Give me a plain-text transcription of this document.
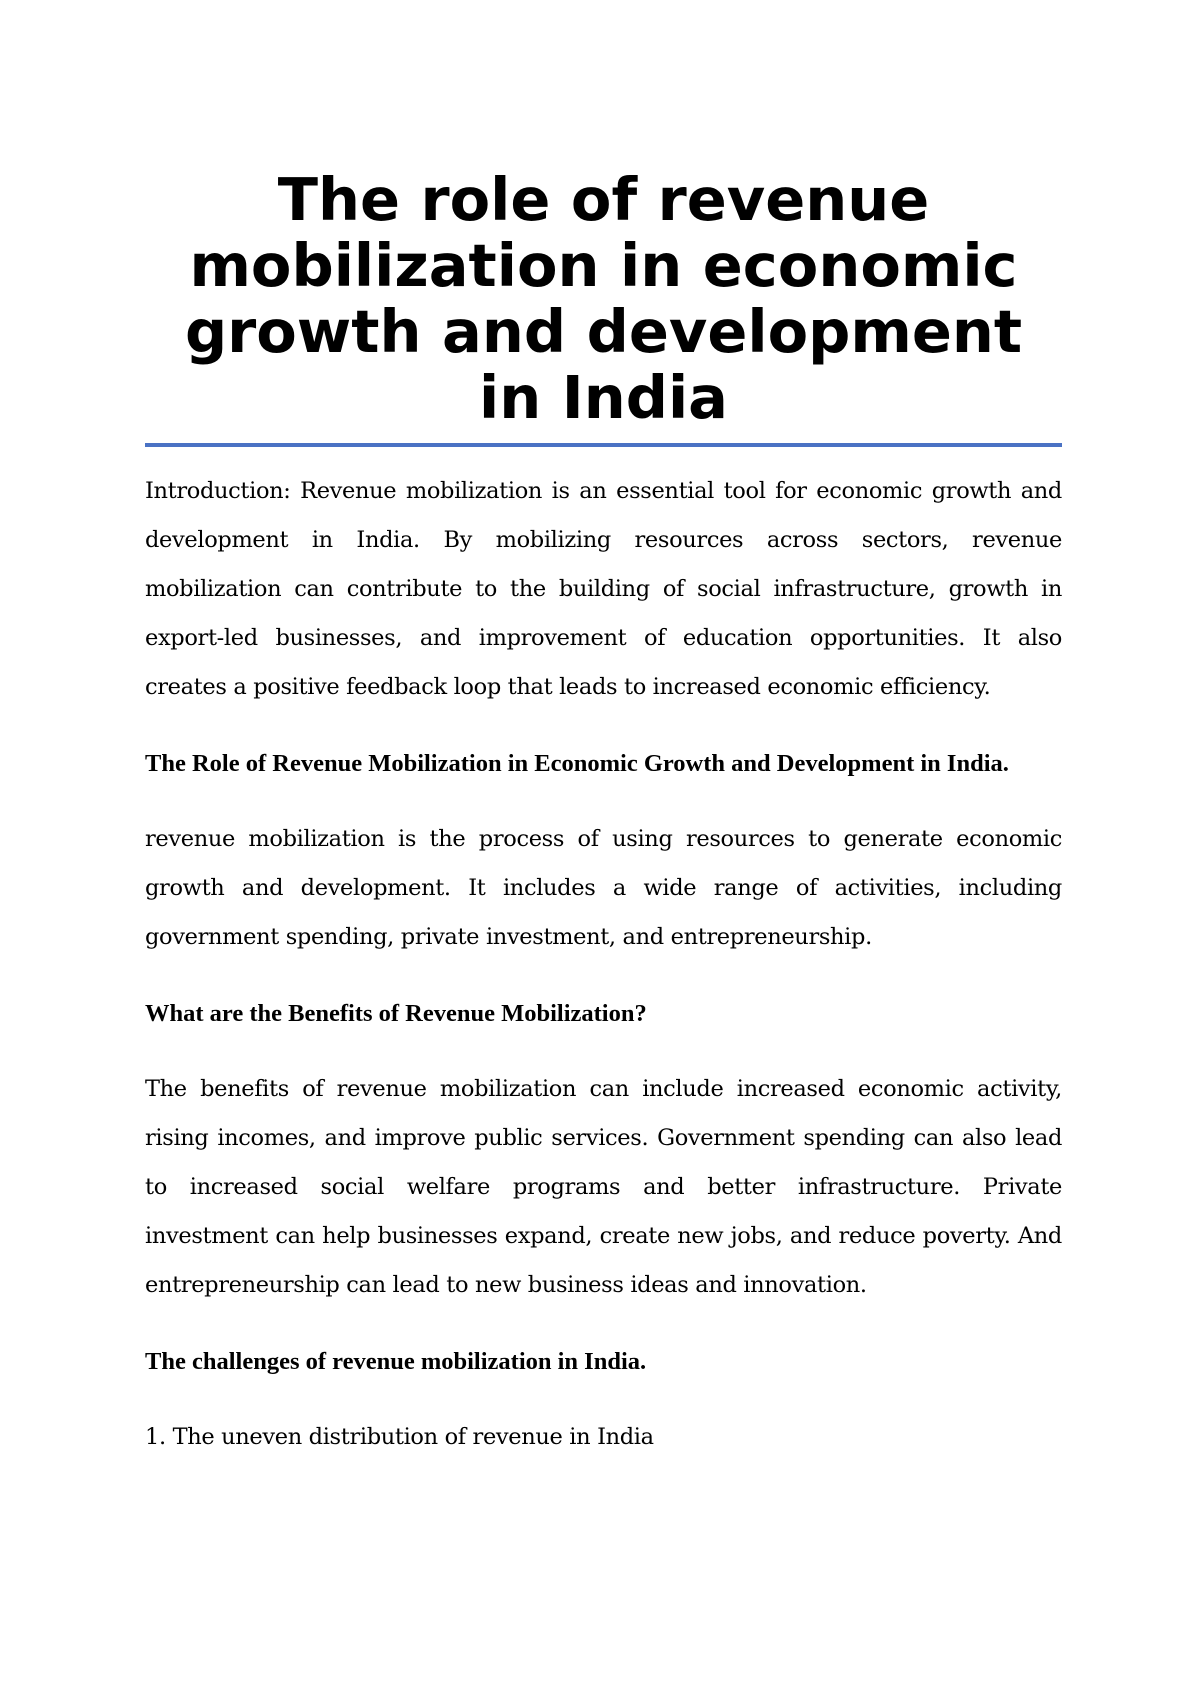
The role of revenue mobilization in economic growth and development in India

Introduction: Revenue mobilization is an essential tool for economic growth and development in India. By mobilizing resources across sectors, revenue mobilization can contribute to the building of social infrastructure, growth in export-led businesses, and improvement of education opportunities. It also creates a positive feedback loop that leads to increased economic efficiency.

The Role of Revenue Mobilization in Economic Growth and Development in India.

revenue mobilization is the process of using resources to generate economic growth and development. It includes a wide range of activities, including government spending, private investment, and entrepreneurship.

What are the Benefits of Revenue Mobilization?

The benefits of revenue mobilization can include increased economic activity, rising incomes, and improve public services. Government spending can also lead to increased social welfare programs and better infrastructure. Private investment can help businesses expand, create new jobs, and reduce poverty. And entrepreneurship can lead to new business ideas and innovation.

The challenges of revenue mobilization in India.

1. The uneven distribution of revenue in India
